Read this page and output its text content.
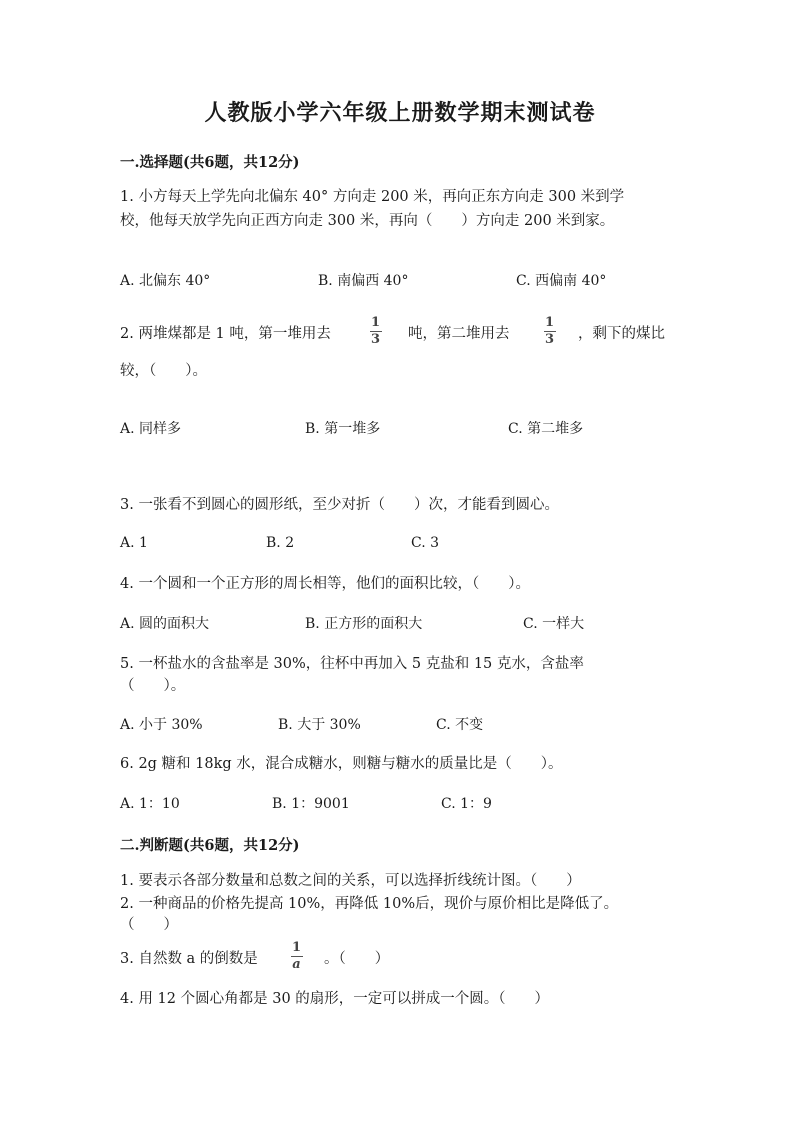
人教版小学六年级上册数学期末测试卷
一.选择题(共6题，共12分)
1. 小方每天上学先向北偏东 40° 方向走 200 米，再向正东方向走 300 米到学
校，他每天放学先向正西方向走 300 米，再向（　　）方向走 200 米到家。
A. 北偏东 40°	B. 南偏西 40°	C. 西偏南 40°
2. 两堆煤都是 1 吨，第一堆用去
1
3 吨，第二堆用去
1
3 ，剩下的煤比
较，（　　）。
A. 同样多	B. 第一堆多	C. 第二堆多
3. 一张看不到圆心的圆形纸，至少对折（　　）次，才能看到圆心。
A. 1	B. 2	C. 3
4. 一个圆和一个正方形的周长相等，他们的面积比较，（　　）。
A. 圆的面积大	B. 正方形的面积大	C. 一样大
5. 一杯盐水的含盐率是 30%，往杯中再加入 5 克盐和 15 克水，含盐率
（　　）。
A. 小于 30%	B. 大于 30%	C. 不变
6. 2g 糖和 18kg 水，混合成糖水，则糖与糖水的质量比是（　　）。
A. 1：10	B. 1：9001	C. 1：9
二.判断题(共6题，共12分)
1. 要表示各部分数量和总数之间的关系，可以选择折线统计图。（　　）
2. 一种商品的价格先提高 10%，再降低 10%后，现价与原价相比是降低了。
（　　）
3. 自然数 a 的倒数是
1
a 。（　　）
4. 用 12 个圆心角都是 30 的扇形，一定可以拼成一个圆。（　　）
